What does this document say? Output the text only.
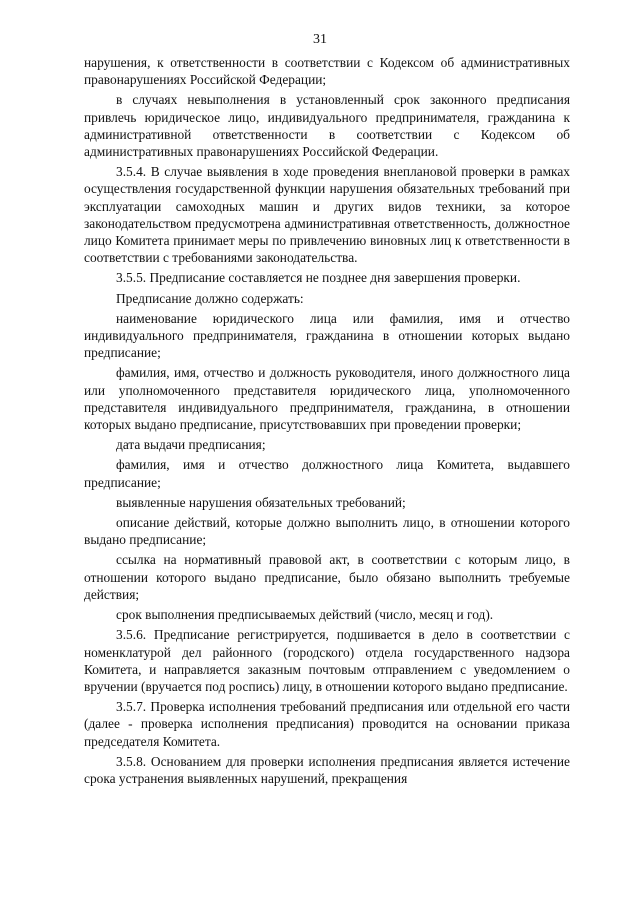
31

нарушения, к ответственности в соответствии с Кодексом об административных правонарушениях Российской Федерации;

в случаях невыполнения в установленный срок законного предписания привлечь юридическое лицо, индивидуального предпринимателя, гражданина к административной ответственности в соответствии с Кодексом об административных правонарушениях Российской Федерации.

3.5.4. В случае выявления в ходе проведения внеплановой проверки в рамках осуществления государственной функции нарушения обязательных требований при эксплуатации самоходных машин и других видов техники, за которое законодательством предусмотрена административная ответственность, должностное лицо Комитета принимает меры по привлечению виновных лиц к ответственности в соответствии с требованиями законодательства.

3.5.5. Предписание составляется не позднее дня завершения проверки.

Предписание должно содержать:

наименование юридического лица или фамилия, имя и отчество индивидуального предпринимателя, гражданина в отношении которых выдано предписание;

фамилия, имя, отчество и должность руководителя, иного должностного лица или уполномоченного представителя юридического лица, уполномоченного представителя индивидуального предпринимателя, гражданина, в отношении которых выдано предписание, присутствовавших при проведении проверки;

дата выдачи предписания;

фамилия, имя и отчество должностного лица Комитета, выдавшего предписание;

выявленные нарушения обязательных требований;

описание действий, которые должно выполнить лицо, в отношении которого выдано предписание;

ссылка на нормативный правовой акт, в соответствии с которым лицо, в отношении которого выдано предписание, было обязано выполнить требуемые действия;

срок выполнения предписываемых действий (число, месяц и год).

3.5.6. Предписание регистрируется, подшивается в дело в соответствии с номенклатурой дел районного (городского) отдела государственного надзора Комитета, и направляется заказным почтовым отправлением с уведомлением о вручении (вручается под роспись) лицу, в отношении которого выдано предписание.

3.5.7. Проверка исполнения требований предписания или отдельной его части (далее - проверка исполнения предписания) проводится на основании приказа председателя Комитета.

3.5.8. Основанием для проверки исполнения предписания является истечение срока устранения выявленных нарушений, прекращения
